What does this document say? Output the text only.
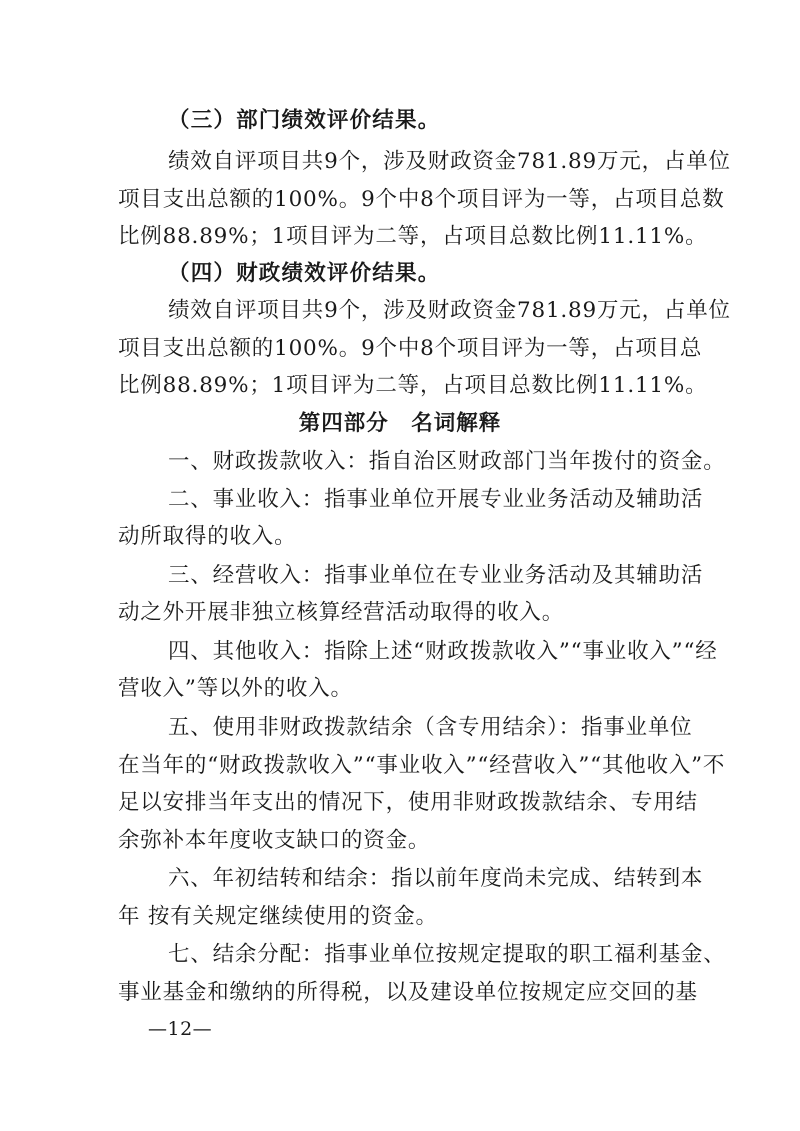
（三）部门绩效评价结果。
绩效自评项目共9个，涉及财政资金781.89万元，占单位
项目支出总额的100%。9个中8个项目评为一等，占项目总数
比例88.89%；1项目评为二等，占项目总数比例11.11%。
（四）财政绩效评价结果。
绩效自评项目共9个，涉及财政资金781.89万元，占单位
项目支出总额的100%。9个中8个项目评为一等，占项目总
比例88.89%；1项目评为二等，占项目总数比例11.11%。
第四部分　名词解释
一、财政拨款收入：指自治区财政部门当年拨付的资金。
二、事业收入：指事业单位开展专业业务活动及辅助活
动所取得的收入。
三、经营收入：指事业单位在专业业务活动及其辅助活
动之外开展非独立核算经营活动取得的收入。
四、其他收入：指除上述“财政拨款收入”“事业收入”“经
营收入”等以外的收入。
五、使用非财政拨款结余（含专用结余）：指事业单位
在当年的“财政拨款收入”“事业收入”“经营收入”“其他收入”不
足以安排当年支出的情况下，使用非财政拨款结余、专用结
余弥补本年度收支缺口的资金。
六、年初结转和结余：指以前年度尚未完成、结转到本
年 按有关规定继续使用的资金。
七、结余分配：指事业单位按规定提取的职工福利基金、
事业基金和缴纳的所得税，以及建设单位按规定应交回的基
—12—
